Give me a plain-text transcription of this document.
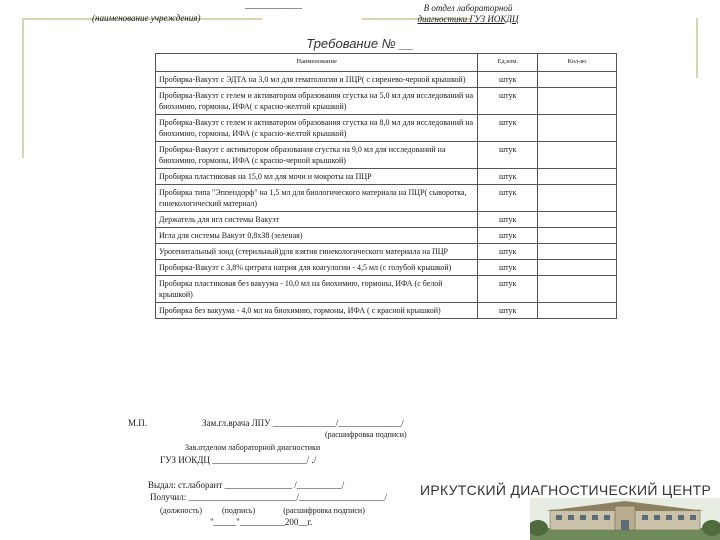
________________
(наименование учреждения)
В отдел лабораторной
диагностики ГУЗ ИОКДЦ
Требование № __
Наименование	Ед.изм.	Кол-во
Пробирка-Вакуэт с ЭДТА на 3,0 мл для гематологии и ПЦР( с сиренево-черной крышкой)	штук	
Пробирка-Вакуэт с гелем и активатором образования сгустка на 5,0 мл для исследований на биохимию, гормоны, ИФА( с красно-желтой крышкой)	штук	
Пробирка-Вакуэт с гелем и активатором образования сгустка на 8,0 мл для исследований на биохимию, гормоны, ИФА (с красно-желтой крышкой)	штук	
Пробирка-Вакуэт с активатором образования сгустка на 9,0 мл для исследований на биохимию, гормоны, ИФА (с красно-черной крышкой)	штук	
Пробирка пластиковая на 15,0 мл для мочи и мокроты на ПЦР	штук	
Пробирка типа "Эппендорф" на 1,5 мл для биологического материала на ПЦР( сыворотка, гинекологический материал)	штук	
Держатель для игл системы Вакуэт	штук	
Игла для системы Вакуэт 0,8х38 (зеленая)	штук	
Урогенитальный зонд (стерильный)для взятия гинекологического материала на ПЦР	штук	
Пробирка-Вакуэт с 3,8% цитрата натрия для коагулогии - 4,5 мл (с голубой крышкой)	штук	
Пробирка пластиковая без вакуума - 10,0 мл на биохимию, гормоны, ИФА (с белой крышкой)	штук	
Пробирка без вакуума - 4,0 мл на биохимию, гормоны, ИФА ( с красной крышкой)	штук	
М.П.	Зам.гл.врача ЛПУ ______________/______________/
(расшифровка подписи)
Зав.отделом лабораторной диагностики
ГУЗ ИОКДЦ _____________________/ ./
Выдал: ст.лаборант _______________ /__________/
Получил: ________________________/___________________/
(должность)          (подпись)              (расшифровка подписи)
"_____"__________200__г.
ИРКУТСКИЙ ДИАГНОСТИЧЕСКИЙ ЦЕНТР
